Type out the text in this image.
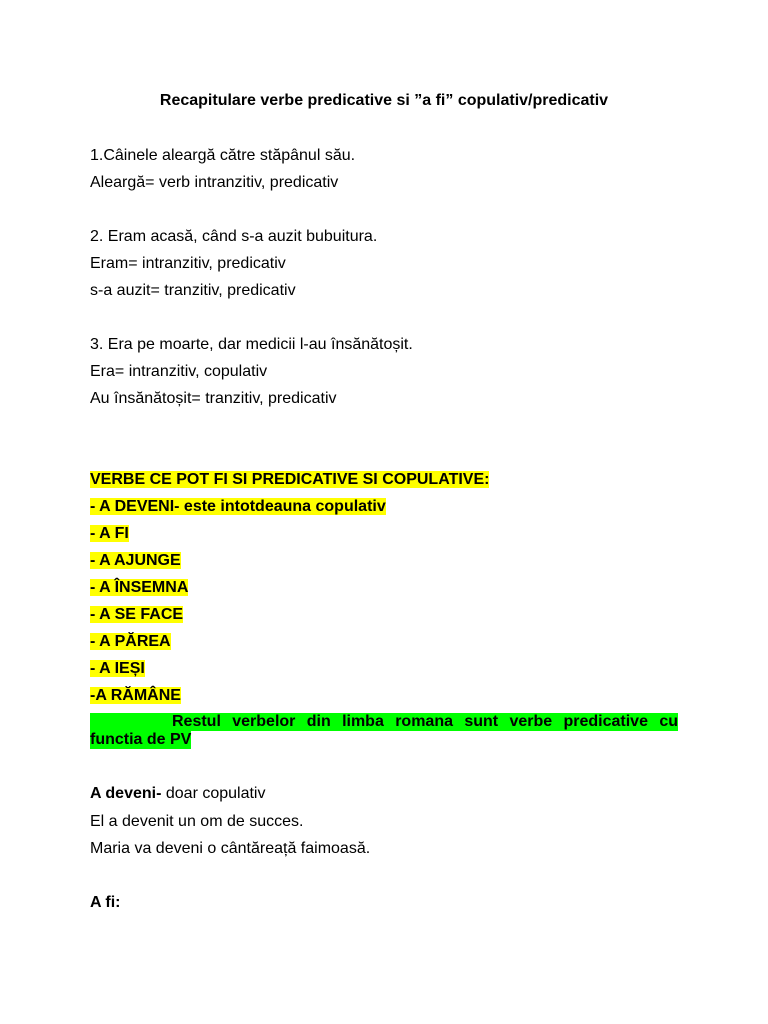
Recapitulare verbe predicative si ”a fi” copulativ/predicativ
1.Câinele aleargă către stăpânul său.
Aleargă= verb intranzitiv, predicativ
2. Eram acasă, când s-a auzit bubuitura.
Eram= intranzitiv, predicativ
s-a auzit= tranzitiv, predicativ
3. Era pe moarte, dar medicii l-au însănătoșit.
Era= intranzitiv, copulativ
Au însănătoșit= tranzitiv, predicativ
VERBE CE POT FI SI PREDICATIVE SI COPULATIVE:
- A DEVENI- este intotdeauna copulativ
- A FI
- A AJUNGE
- A ÎNSEMNA
- A SE FACE
- A PĂREA
- A IEȘI
-A RĂMÂNE
Restul verbelor din limba romana sunt verbe predicative cu
functia de PV
A deveni- doar copulativ
El a devenit un om de succes.
Maria va deveni o cântăreață faimoasă.
A fi:
